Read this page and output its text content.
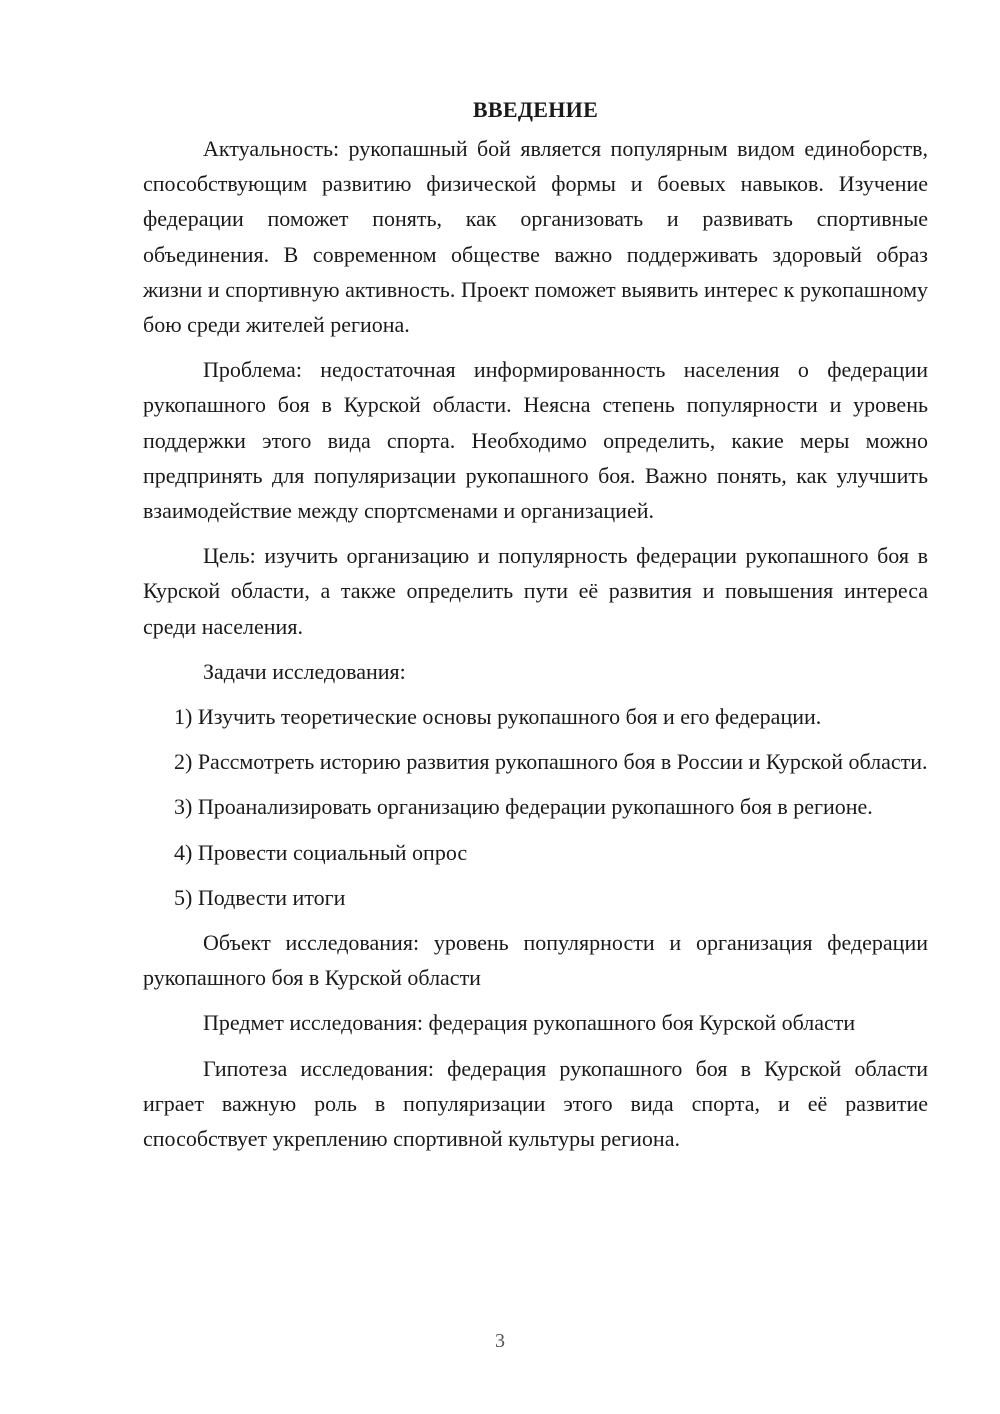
ВВЕДЕНИЕ

Актуальность: рукопашный бой является популярным видом единоборств, способствующим развитию физической формы и боевых навыков. Изучение федерации поможет понять, как организовать и развивать спортивные объединения. В современном обществе важно поддерживать здоровый образ жизни и спортивную активность. Проект поможет выявить интерес к рукопашному бою среди жителей региона.

Проблема: недостаточная информированность населения о федерации рукопашного боя в Курской области. Неясна степень популярности и уровень поддержки этого вида спорта. Необходимо определить, какие меры можно предпринять для популяризации рукопашного боя. Важно понять, как улучшить взаимодействие между спортсменами и организацией.

Цель: изучить организацию и популярность федерации рукопашного боя в Курской области, а также определить пути её развития и повышения интереса среди населения.

Задачи исследования:

1) Изучить теоретические основы рукопашного боя и его федерации.

2) Рассмотреть историю развития рукопашного боя в России и Курской области.

3) Проанализировать организацию федерации рукопашного боя в регионе.

4) Провести социальный опрос

5) Подвести итоги

Объект исследования: уровень популярности и организация федерации рукопашного боя в Курской области

Предмет исследования: федерация рукопашного боя Курской области

Гипотеза исследования: федерация рукопашного боя в Курской области играет важную роль в популяризации этого вида спорта, и её развитие способствует укреплению спортивной культуры региона.

3
